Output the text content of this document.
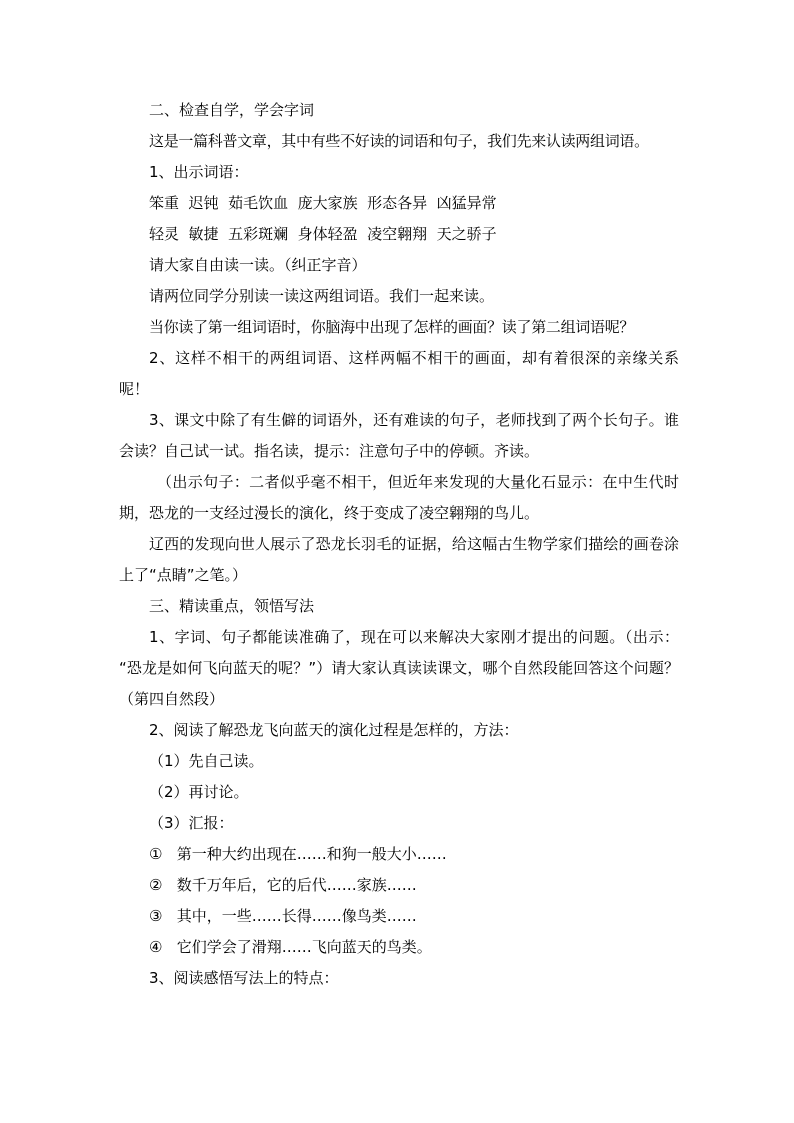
二、检查自学，学会字词

这是一篇科普文章，其中有些不好读的词语和句子，我们先来认读两组词语。

1、出示词语：

笨重  迟钝  茹毛饮血  庞大家族  形态各异  凶猛异常

轻灵  敏捷  五彩斑斓  身体轻盈  凌空翱翔  天之骄子

请大家自由读一读。（纠正字音）

请两位同学分别读一读这两组词语。我们一起来读。

当你读了第一组词语时，你脑海中出现了怎样的画面？读了第二组词语呢？

2、这样不相干的两组词语、这样两幅不相干的画面，却有着很深的亲缘关系呢！

3、课文中除了有生僻的词语外，还有难读的句子，老师找到了两个长句子。谁会读？自己试一试。指名读，提示：注意句子中的停顿。齐读。

（出示句子：二者似乎毫不相干，但近年来发现的大量化石显示：在中生代时期，恐龙的一支经过漫长的演化，终于变成了凌空翱翔的鸟儿。

辽西的发现向世人展示了恐龙长羽毛的证据，给这幅古生物学家们描绘的画卷涂上了“点睛”之笔。）

三、精读重点，领悟写法

1、字词、句子都能读准确了，现在可以来解决大家刚才提出的问题。（出示：  “恐龙是如何飞向蓝天的呢？”）请大家认真读读课文，哪个自然段能回答这个问题？（第四自然段）

2、阅读了解恐龙飞向蓝天的演化过程是怎样的，方法：

（1）先自己读。

（2）再讨论。

（3）汇报：

①   第一种大约出现在……和狗一般大小……

②   数千万年后，它的后代……家族……

③   其中，一些……长得……像鸟类……

④   它们学会了滑翔……飞向蓝天的鸟类。

3、阅读感悟写法上的特点：
